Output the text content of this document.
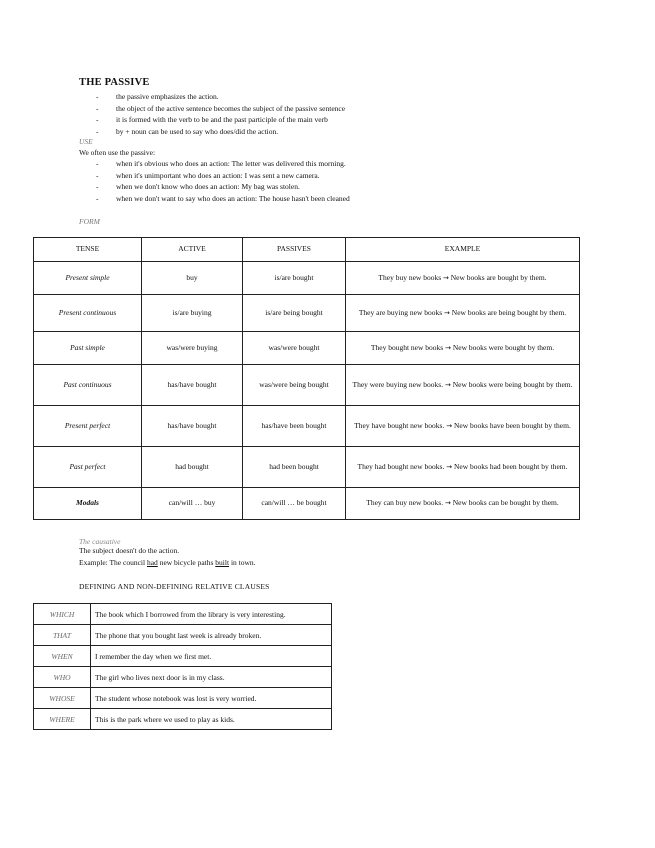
THE PASSIVE
- the passive emphasizes the action.
- the object of the active sentence becomes the subject of the passive sentence
- it is formed with the verb to be and the past participle of the main verb
- by + noun can be used to say who does/did the action.
USE
We often use the passive:
- when it's obvious who does an action: The letter was delivered this morning.
- when it's unimportant who does an action: I was sent a new camera.
- when we don't know who does an action: My bag was stolen.
- when we don't want to say who does an action: The house hasn't been cleaned
FORM
TENSE	ACTIVE	PASSIVES	EXAMPLE
Present simple	buy	is/are bought	They buy new books → New books are bought by them.
Present continuous	is/are buying	is/are being bought	They are buying new books → New books are being bought by them.
Past simple	was/were buying	was/were bought	They bought new books → New books were bought by them.
Past continuous	has/have bought	was/were being bought	They were buying new books. → New books were being bought by them.
Present perfect	has/have bought	has/have been bought	They have bought new books. → New books have been bought by them.
Past perfect	had bought	had been bought	They had bought new books. → New books had been bought by them.
Modals	can/will … buy	can/will … be bought	They can buy new books. → New books can be bought by them.
The causative
The subject doesn't do the action.
Example: The council had new bicycle paths built in town.
DEFINING AND NON-DEFINING RELATIVE CLAUSES
WHICH	The book which I borrowed from the library is very interesting.
THAT	The phone that you bought last week is already broken.
WHEN	I remember the day when we first met.
WHO	The girl who lives next door is in my class.
WHOSE	The student whose notebook was lost is very worried.
WHERE	This is the park where we used to play as kids.
